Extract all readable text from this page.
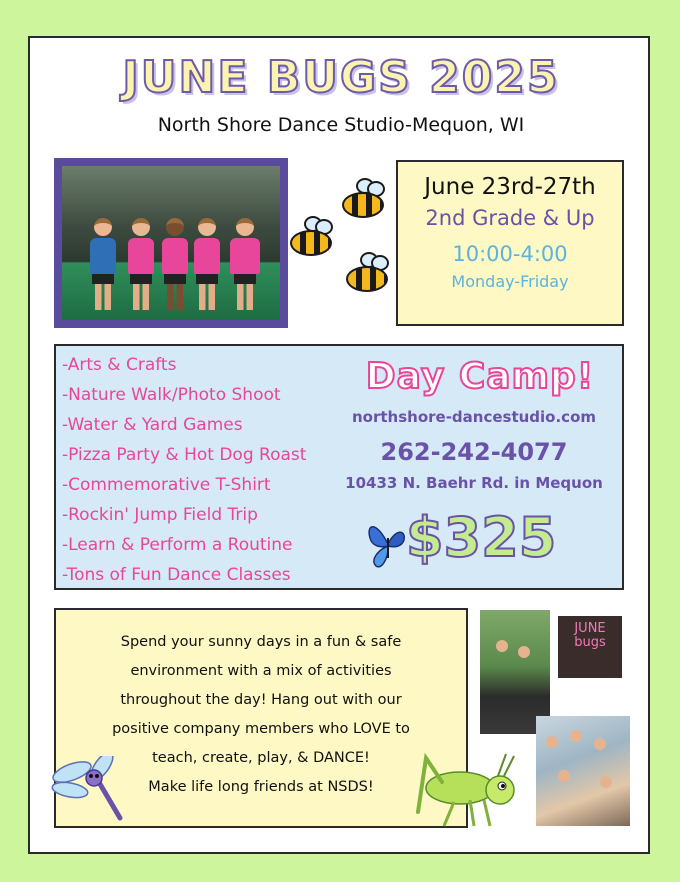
JUNE BUGS 2025
North Shore Dance Studio-Mequon, WI
June 23rd-27th
2nd Grade & Up
10:00-4:00
Monday-Friday
-Arts & Crafts
-Nature Walk/Photo Shoot
-Water & Yard Games
-Pizza Party & Hot Dog Roast
-Commemorative T-Shirt
-Rockin' Jump Field Trip
-Learn & Perform a Routine
-Tons of Fun Dance Classes
Day Camp!
northshore-dancestudio.com
262-242-4077
10433 N. Baehr Rd. in Mequon
$325
Spend your sunny days in a fun & safe
environment with a mix of activities
throughout the day! Hang out with our
positive company members who LOVE to
teach, create, play, & DANCE!
Make life long friends at NSDS!
JUNE
bugs
